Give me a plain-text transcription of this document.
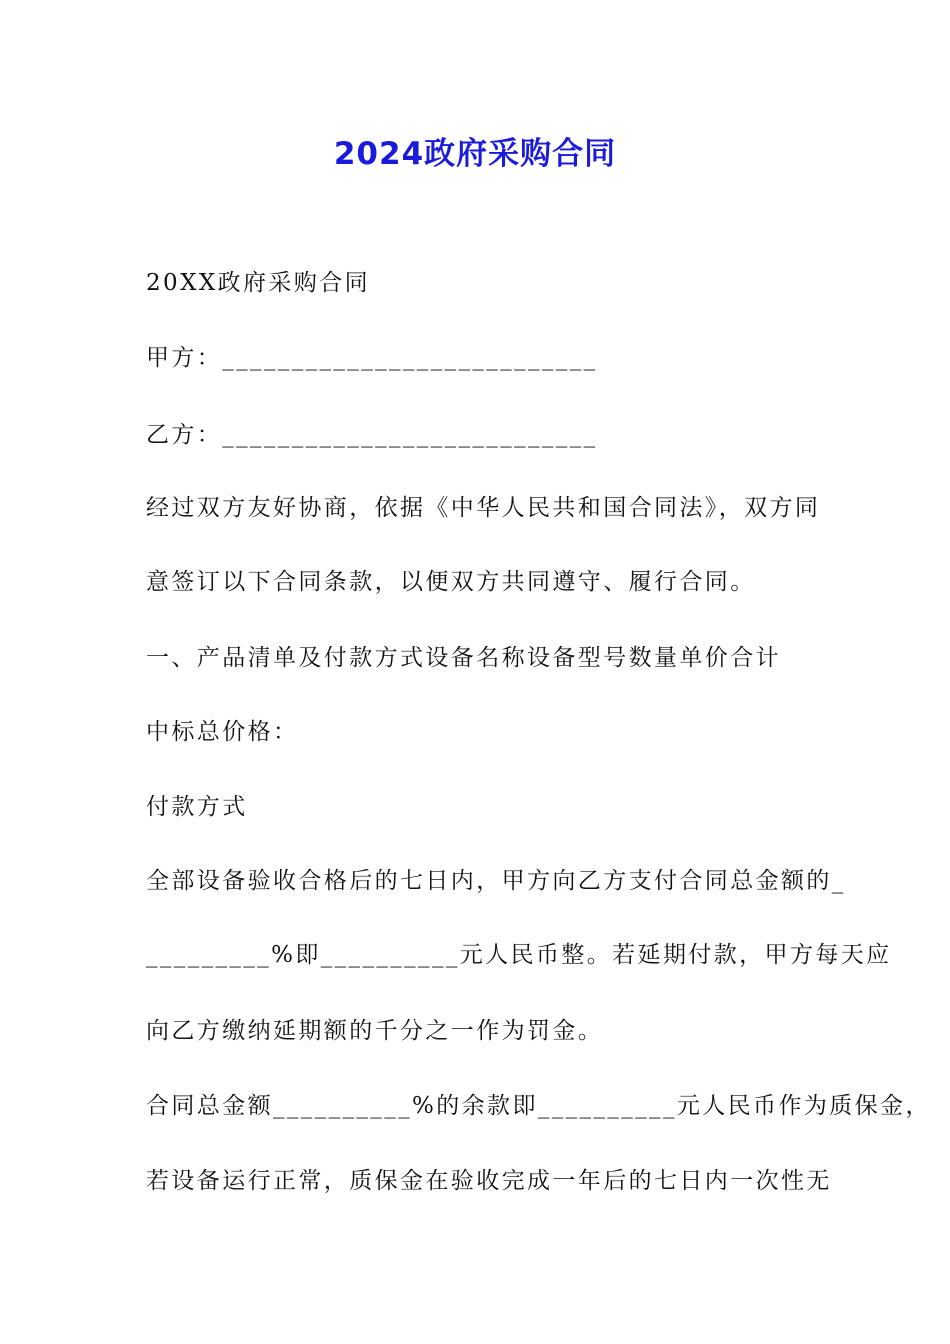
2024政府采购合同
20XX政府采购合同
甲方：___________________________
乙方：___________________________
经过双方友好协商，依据《中华人民共和国合同法》，双方同
意签订以下合同条款，以便双方共同遵守、履行合同。
一、产品清单及付款方式设备名称设备型号数量单价合计
中标总价格：
付款方式
全部设备验收合格后的七日内，甲方向乙方支付合同总金额的_
_________%即__________元人民币整。若延期付款，甲方每天应
向乙方缴纳延期额的千分之一作为罚金。
合同总金额__________%的余款即__________元人民币作为质保金，
若设备运行正常，质保金在验收完成一年后的七日内一次性无
